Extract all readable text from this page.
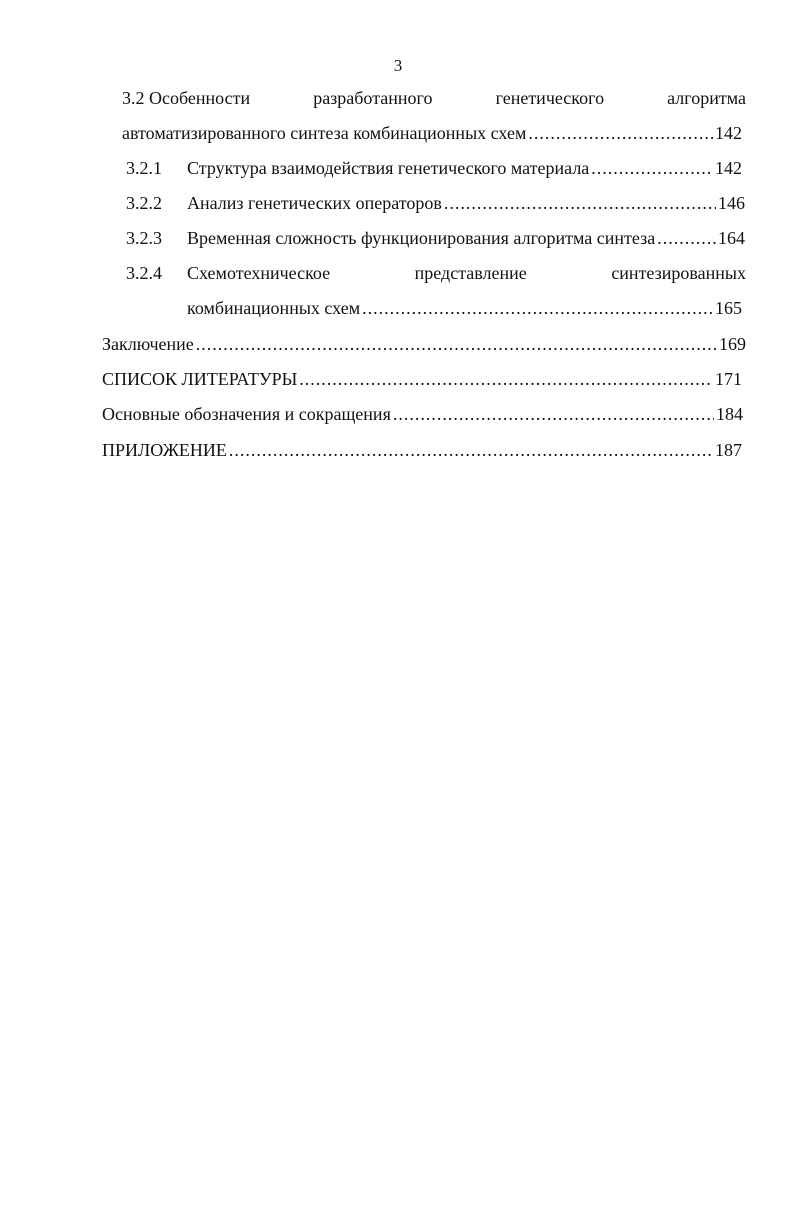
3
3.2 Особенности	разработанного	генетического	алгоритма
автоматизированного синтеза комбинационных схем .....	142
3.2.1 Структура взаимодействия генетического материала .....	142
3.2.2 Анализ генетических операторов .....	146
3.2.3 Временная сложность функционирования алгоритма синтеза .....	164
3.2.4 Схемотехническое	представление	синтезированных
комбинационных схем .....	165
Заключение .....	169
СПИСОК ЛИТЕРАТУРЫ .....	171
Основные обозначения и сокращения .....	184
ПРИЛОЖЕНИЕ .....	187
